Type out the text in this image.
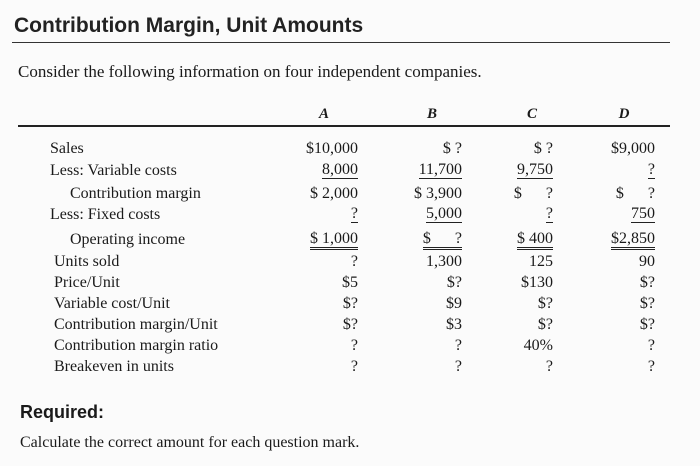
Contribution Margin, Unit Amounts
Consider the following information on four independent companies.
A	B	C	D
Sales	$10,000	$ ?	$ ?	$9,000
Less: Variable costs	8,000	11,700	9,750	?
Contribution margin	$ 2,000	$ 3,900	$      ?	$      ?
Less: Fixed costs	?	5,000	?	750
Operating income	$ 1,000	$      ?	$ 400	$2,850
Units sold	?	1,300	125	90
Price/Unit	$5	$?	$130	$?
Variable cost/Unit	$?	$9	$?	$?
Contribution margin/Unit	$?	$3	$?	$?
Contribution margin ratio	?	?	40%	?
Breakeven in units	?	?	?	?
Required:
Calculate the correct amount for each question mark.
